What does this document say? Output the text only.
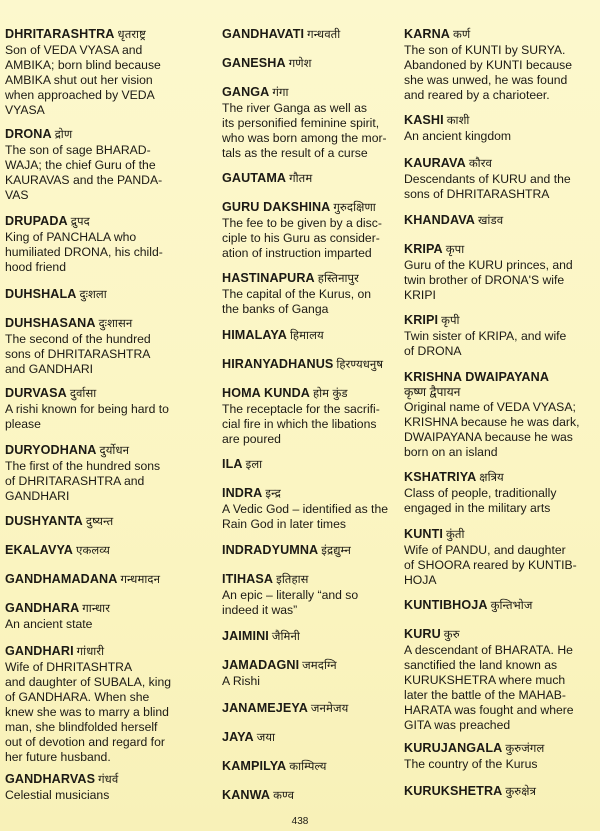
DHRITARASHTRA धृतराष्ट्र
Son of VEDA VYASA and
AMBIKA; born blind because
AMBIKA shut out her vision
when approached by VEDA
VYASA
DRONA द्रोण
The son of sage BHARAD-
WAJA; the chief Guru of the
KAURAVAS and the PANDA-
VAS
DRUPADA द्रुपद
King of PANCHALA who
humiliated DRONA, his child-
hood friend
DUHSHALA दुःशला
DUHSHASANA दुःशासन
The second of the hundred
sons of DHRITARASHTRA
and GANDHARI
DURVASA दुर्वासा
A rishi known for being hard to
please
DURYODHANA दुर्योधन
The first of the hundred sons
of DHRITARASHTRA and
GANDHARI
DUSHYANTA दुष्यन्त
EKALAVYA एकलव्य
GANDHAMADANA गन्धमादन
GANDHARA गान्धार
An ancient state
GANDHARI गांधारी
Wife of DHRITASHTRA
and daughter of SUBALA, king
of GANDHARA. When she
knew she was to marry a blind
man, she blindfolded herself
out of devotion and regard for
her future husband.
GANDHARVAS गंधर्व
Celestial musicians
GANDHAVATI गन्धवती
GANESHA गणेश
GANGA गंगा
The river Ganga as well as
its personified feminine spirit,
who was born among the mor-
tals as the result of a curse
GAUTAMA गौतम
GURU DAKSHINA गुरुदक्षिणा
The fee to be given by a disc-
ciple to his Guru as consider-
ation of instruction imparted
HASTINAPURA हस्तिनापुर
The capital of the Kurus, on
the banks of Ganga
HIMALAYA हिमालय
HIRANYADHANUS हिरण्यधनुष
HOMA KUNDA होम कुंड
The receptacle for the sacrifi-
cial fire in which the libations
are poured
ILA इला
INDRA इन्द्र
A Vedic God – identified as the
Rain God in later times
INDRADYUMNA इंद्रद्युम्न
ITIHASA इतिहास
An epic – literally “and so
indeed it was”
JAIMINI जैमिनी
JAMADAGNI जमदग्नि
A Rishi
JANAMEJEYA जनमेजय
JAYA जया
KAMPILYA काम्पिल्य
KANWA कण्व
KARNA कर्ण
The son of KUNTI by SURYA.
Abandoned by KUNTI because
she was unwed, he was found
and reared by a charioteer.
KASHI काशी
An ancient kingdom
KAURAVA कौरव
Descendants of KURU and the
sons of DHRITARASHTRA
KHANDAVA खांडव
KRIPA कृपा
Guru of the KURU princes, and
twin brother of DRONA'S wife
KRIPI
KRIPI कृपी
Twin sister of KRIPA, and wife
of DRONA
KRISHNA DWAIPAYANA
कृष्ण द्वैपायन
Original name of VEDA VYASA;
KRISHNA because he was dark,
DWAIPAYANA because he was
born on an island
KSHATRIYA क्षत्रिय
Class of people, traditionally
engaged in the military arts
KUNTI कुंती
Wife of PANDU, and daughter
of SHOORA reared by KUNTIB-
HOJA
KUNTIBHOJA कुन्तिभोज
KURU कुरु
A descendant of BHARATA. He
sanctified the land known as
KURUKSHETRA where much
later the battle of the MAHAB-
HARATA was fought and where
GITA was preached
KURUJANGALA कुरुजंगल
The country of the Kurus
KURUKSHETRA कुरुक्षेत्र
438
